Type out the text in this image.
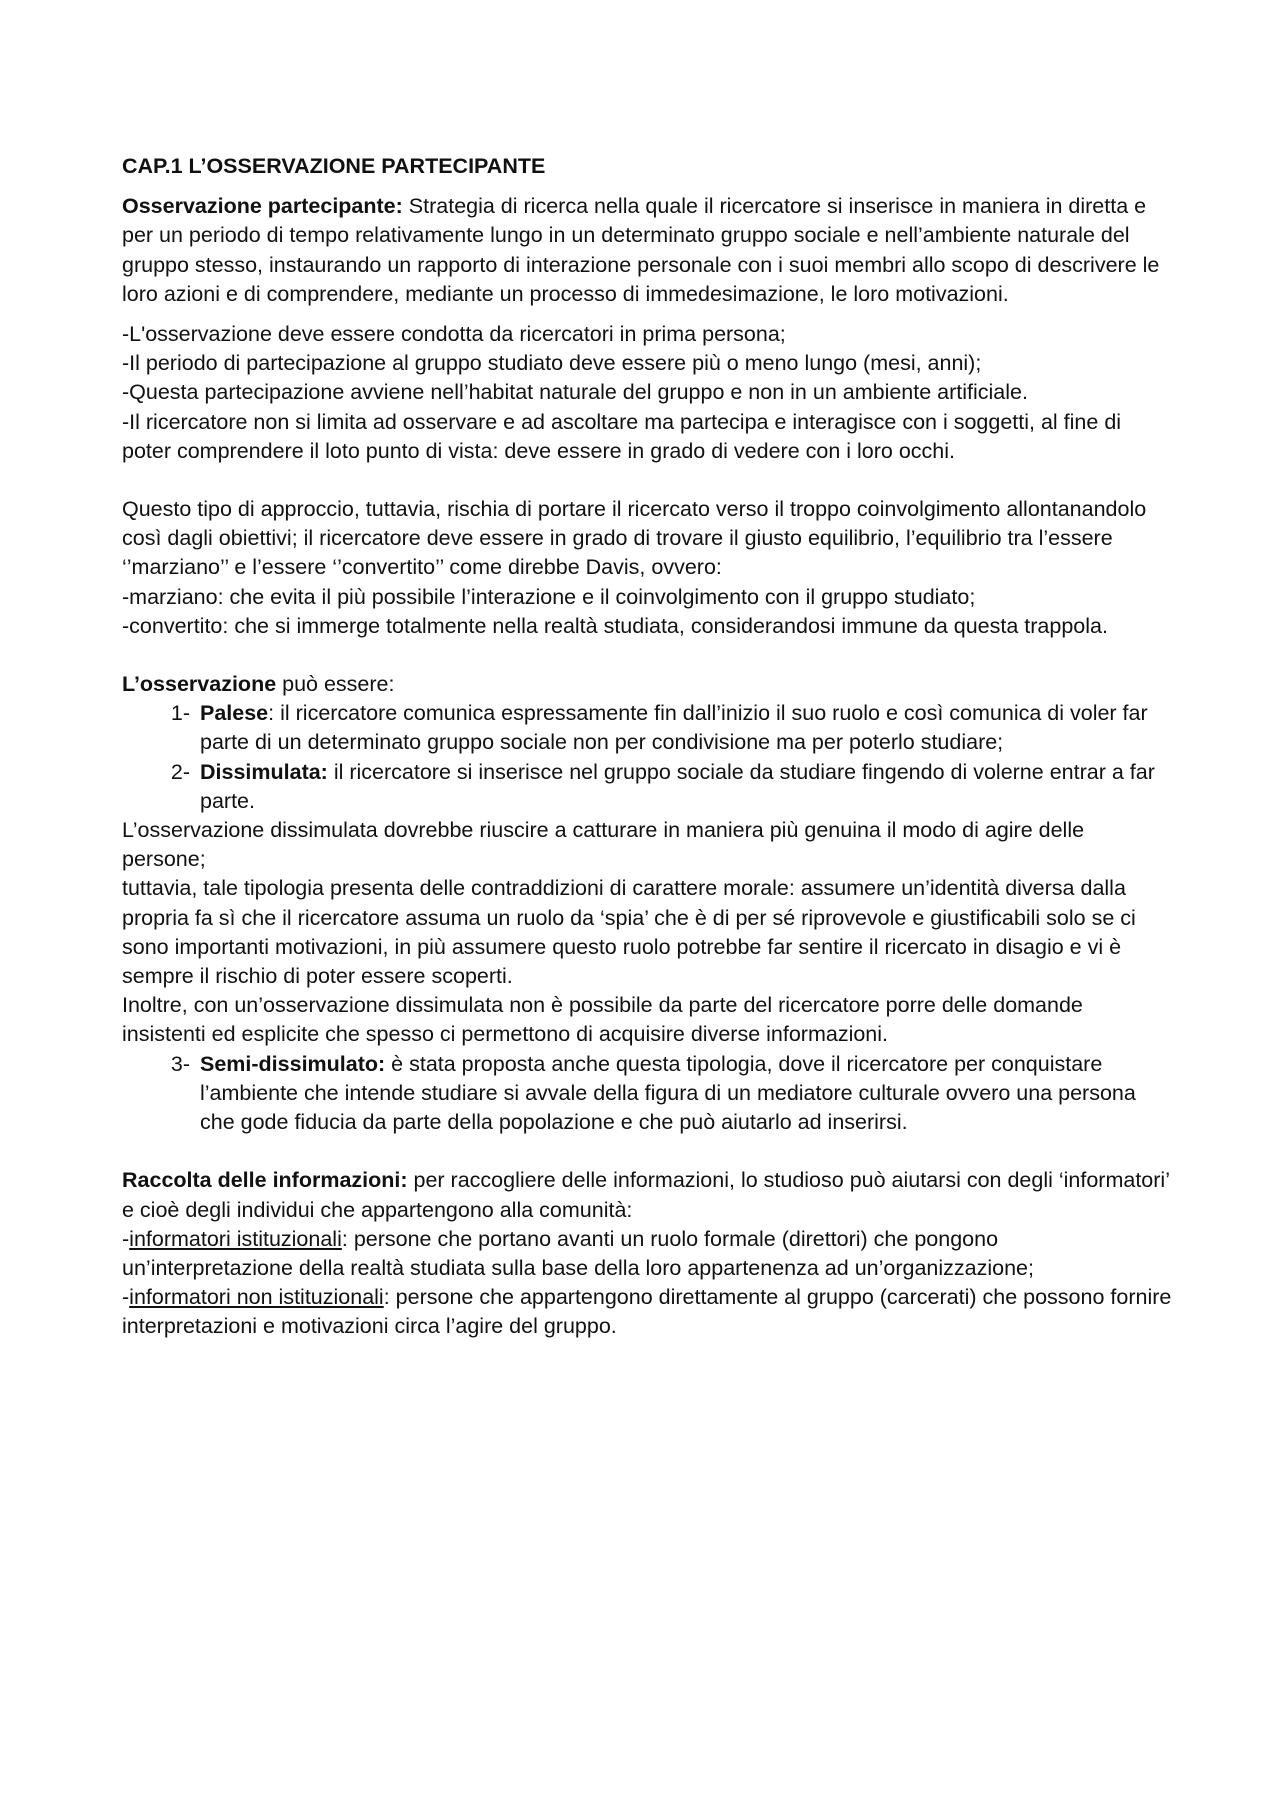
CAP.1 L’OSSERVAZIONE PARTECIPANTE

Osservazione partecipante: Strategia di ricerca nella quale il ricercatore si inserisce in maniera in diretta e per un periodo di tempo relativamente lungo in un determinato gruppo sociale e nell’ambiente naturale del gruppo stesso, instaurando un rapporto di interazione personale con i suoi membri allo scopo di descrivere le loro azioni e di comprendere, mediante un processo di immedesimazione, le loro motivazioni.

-L'osservazione deve essere condotta da ricercatori in prima persona;

-Il periodo di partecipazione al gruppo studiato deve essere più o meno lungo (mesi, anni);

-Questa partecipazione avviene nell’habitat naturale del gruppo e non in un ambiente artificiale.

-Il ricercatore non si limita ad osservare e ad ascoltare ma partecipa e interagisce con i soggetti, al fine di poter comprendere il loto punto di vista: deve essere in grado di vedere con i loro occhi.

Questo tipo di approccio, tuttavia, rischia di portare il ricercato verso il troppo coinvolgimento allontanandolo così dagli obiettivi; il ricercatore deve essere in grado di trovare il giusto equilibrio, l’equilibrio tra l’essere ‘’marziano’’ e l’essere ‘’convertito’’ come direbbe Davis, ovvero:

-marziano: che evita il più possibile l’interazione e il coinvolgimento con il gruppo studiato;

-convertito: che si immerge totalmente nella realtà studiata, considerandosi immune da questa trappola.

L’osservazione può essere:

1- Palese: il ricercatore comunica espressamente fin dall’inizio il suo ruolo e così comunica di voler far parte di un determinato gruppo sociale non per condivisione ma per poterlo studiare;
2- Dissimulata: il ricercatore si inserisce nel gruppo sociale da studiare fingendo di volerne entrar a far parte.

L’osservazione dissimulata dovrebbe riuscire a catturare in maniera più genuina il modo di agire delle persone;

tuttavia, tale tipologia presenta delle contraddizioni di carattere morale: assumere un’identità diversa dalla propria fa sì che il ricercatore assuma un ruolo da ‘spia’ che è di per sé riprovevole e giustificabili solo se ci sono importanti motivazioni, in più assumere questo ruolo potrebbe far sentire il ricercato in disagio e vi è sempre il rischio di poter essere scoperti.

Inoltre, con un’osservazione dissimulata non è possibile da parte del ricercatore porre delle domande insistenti ed esplicite che spesso ci permettono di acquisire diverse informazioni.

3- Semi-dissimulato: è stata proposta anche questa tipologia, dove il ricercatore per conquistare l’ambiente che intende studiare si avvale della figura di un mediatore culturale ovvero una persona che gode fiducia da parte della popolazione e che può aiutarlo ad inserirsi.

Raccolta delle informazioni: per raccogliere delle informazioni, lo studioso può aiutarsi con degli ‘informatori’ e cioè degli individui che appartengono alla comunità:

-informatori istituzionali: persone che portano avanti un ruolo formale (direttori) che pongono un’interpretazione della realtà studiata sulla base della loro appartenenza ad un’organizzazione;

-informatori non istituzionali: persone che appartengono direttamente al gruppo (carcerati) che possono fornire interpretazioni e motivazioni circa l’agire del gruppo.
